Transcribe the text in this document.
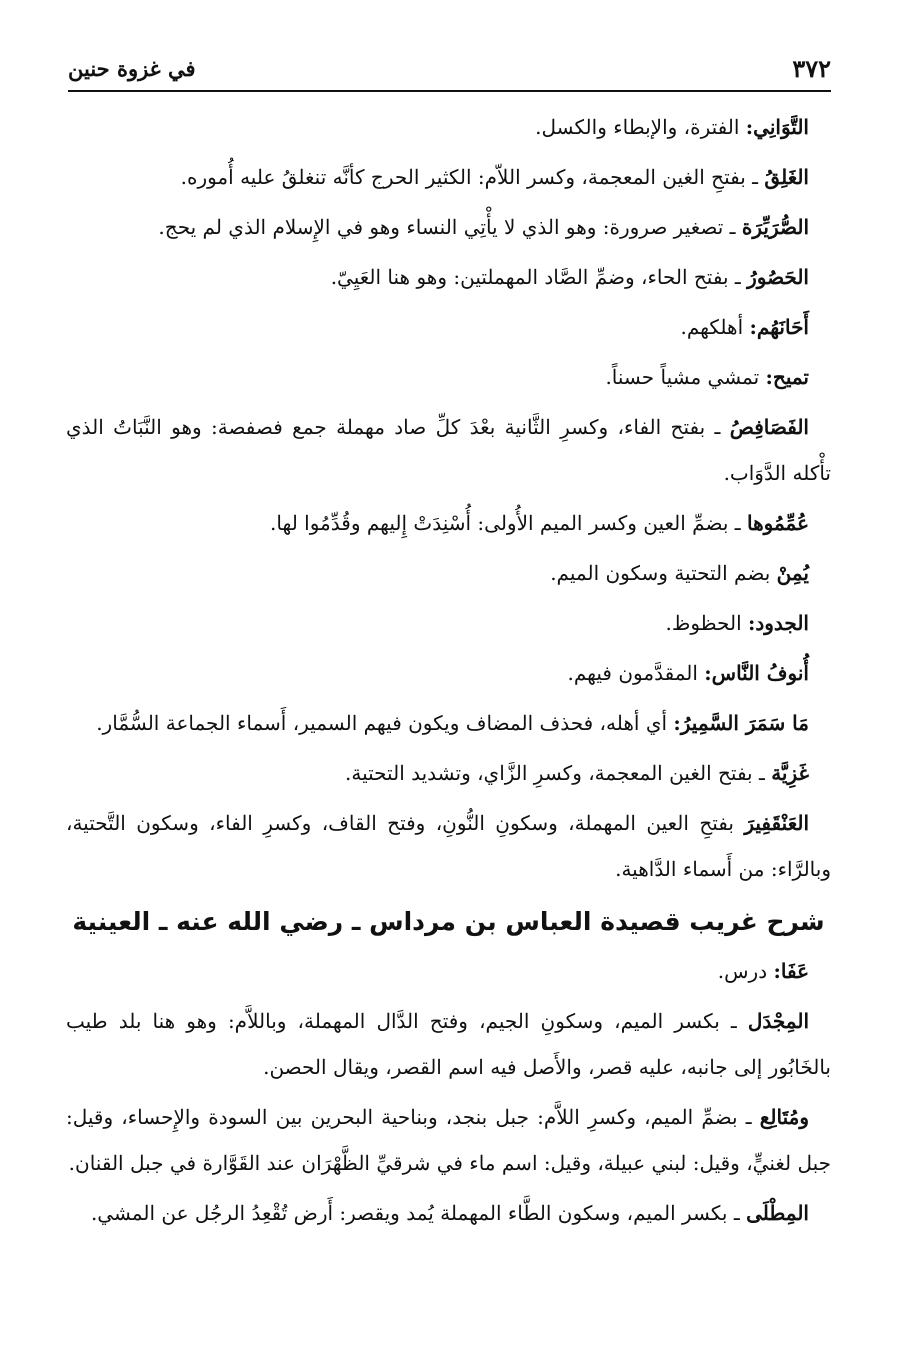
٣٧٢
في غزوة حنين

التَّوَانِي: الفترة، والإبطاء والكسل.

الغَلِقُ ـ بفتحِ الغين المعجمة، وكسر اللاّم: الكثير الحرج كأنَّه تنغلقُ عليه أُموره.

الصُّرَيِّرَة ـ تصغير صرورة: وهو الذي لا يأْتِي النساء وهو في الإِسلام الذي لم يحج.

الحَصُورُ ـ بفتح الحاء، وضمِّ الصَّاد المهملتين: وهو هنا العَيِيّ.

أَحَانَهُم: أهلكهم.

تميح: تمشي مشياً حسناً.

الفَصَافِصُ ـ بفتح الفاء، وكسرِ الثَّانية بعْدَ كلِّ صاد مهملة جمع فصفصة: وهو النَّبَاتُ الذي تأْكله الدَّوَاب.

عُمِّمُوها ـ بضمِّ العين وكسر الميم الأُولى: أُسْنِدَتْ إِليهم وقُدِّمُوا لها.

يُمِنْ بضم التحتية وسكون الميم.

الجدود: الحظوظ.

أُنوفُ النَّاس: المقدَّمون فيهم.

مَا سَمَرَ السَّمِيرُ: أي أهله، فحذف المضاف ويكون فيهم السمير، أَسماء الجماعة السُّمَّار.

غَزِيَّة ـ بفتح الغين المعجمة، وكسرِ الزَّاي، وتشديد التحتية.

العَنْقَفِيرَ بفتحِ العين المهملة، وسكونِ النُّونِ، وفتح القاف، وكسرِ الفاء، وسكون التَّحتية، وبالرَّاء: من أَسماء الدَّاهية.

شرح غريب قصيدة العباس بن مرداس ـ رضي الله عنه ـ العينية

عَفَا: درس.

المِجْدَل ـ بكسر الميم، وسكونِ الجيم، وفتح الدَّال المهملة، وباللاَّم: وهو هنا بلد طيب بالخَابُور إلى جانبه، عليه قصر، والأَصل فيه اسم القصر، ويقال الحصن.

ومُتَالِع ـ بضمِّ الميم، وكسرِ اللاَّم: جبل بنجد، وبناحية البحرين بين السودة والإِحساء، وقيل: جبل لغنيٍّ، وقيل: لبني عبيلة، وقيل: اسم ماء في شرقيِّ الظَّهْرَان عند القَوَّارة في جبل القنان.

المِطْلَى ـ بكسر الميم، وسكون الطَّاء المهملة يُمد ويقصر: أَرض تُقْعِدُ الرجُل عن المشي.
